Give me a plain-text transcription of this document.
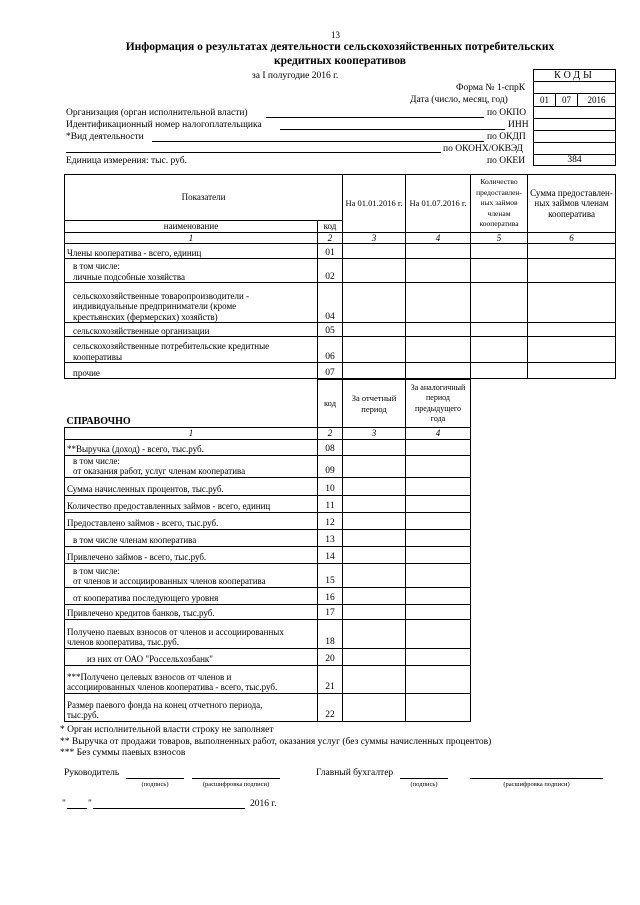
13
Информация о результатах деятельности сельскохозяйственных потребительских
кредитных кооперативов
за I полугодие 2016 г.	КОДЫ
01	07	2016
384
Форма № 1-спрК
Дата (число, месяц, год)
по ОКПО
ИНН
по ОКДП
по ОКОНХ/ОКВЭД
по ОКЕИ
Организация (орган исполнительной власти)
Идентификационный номер налогоплательщика
*Вид деятельности
Единица измерения: тыс. руб.
Показатели		На 01.01.2016 г.	На 01.07.2016 г.	Количество предоставлен- ных займов членам кооператива	Сумма предоставлен- ных займов членам кооператива
наименование	код				
1	2	3	4	5	6
Члены кооператива - всего, единиц	01				

в том числе:
личные подсобные хозяйства	02				

сельскохозяйственные товаропроизводители -
индивидуальные предприниматели (кроме
крестьянских (фермерских) хозяйств)	04				

сельскохозяйственные организации	05				

сельскохозяйственные потребительские кредитные
кооперативы	06				

прочие	07				
СПРАВОЧНО	код	За отчетный период	За аналогичный период предыдущего года
1	2	3	4
**Выручка (доход) - всего, тыс.руб.	08		

в том числе:
от оказания работ, услуг членам кооператива	09		
Сумма начисленных процентов, тыс.руб.	10		
Количество предоставленных займов - всего, единиц	11		
Предоставлено займов - всего, тыс.руб.	12		

в том числе членам кооператива	13		
Привлечено займов - всего, тыс.руб.	14		

в том числе:
от членов и ассоциированных членов кооператива	15		

от кооператива последующего уровня	16		
Привлечено кредитов банков, тыс.руб.	17		

Получено паевых взносов от членов и ассоциированных
членов кооператива, тыс.руб.	18		

из них от ОАО "Россельхозбанк"	20		

***Получено целевых взносов от членов и
ассоциированных членов кооператива - всего, тыс.руб.	21		

Размер паевого фонда на конец отчетного периода,
тыс.руб.	22		
* Орган исполнительной власти строку не заполняет
** Выручка от продажи товаров, выполненных работ, оказания услуг (без суммы начисленных процентов)
*** Без суммы паевых взносов
Руководитель
(подпись)	(расшифровка подписи)
Главный бухгалтер
(подпись)	(расшифровка подписи)
" "	2016 г.
